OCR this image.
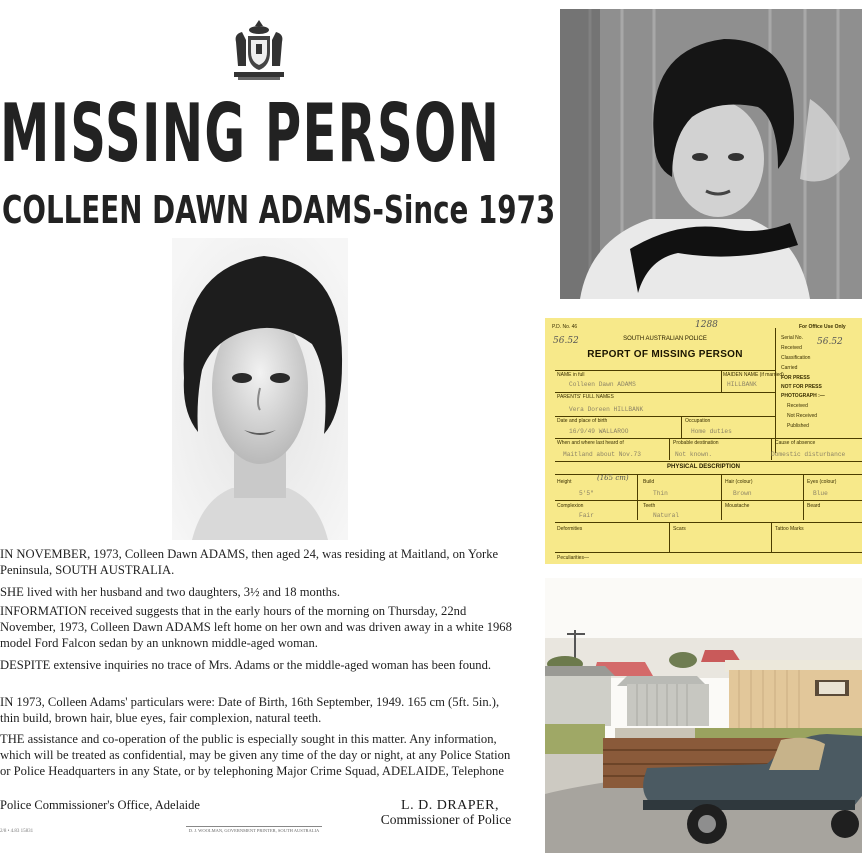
MISSING PERSON
COLLEEN DAWN ADAMS-Since 1973
IN NOVEMBER, 1973, Colleen Dawn ADAMS, then aged 24, was residing at Maitland, on Yorke Peninsula, SOUTH AUSTRALIA.
SHE lived with her husband and two daughters, 3½ and 18 months.
INFORMATION received suggests that in the early hours of the morning on Thursday, 22nd November, 1973, Colleen Dawn ADAMS left home on her own and was driven away in a white 1968 model Ford Falcon sedan by an unknown middle-aged woman.
DESPITE extensive inquiries no trace of Mrs. Adams or the middle-aged woman has been found.
IN 1973, Colleen Adams' particulars were: Date of Birth, 16th September, 1949. 165 cm (5ft. 5in.), thin build, brown hair, blue eyes, fair complexion, natural teeth.
THE assistance and co-operation of the public is especially sought in this matter. Any information, which will be treated as confidential, may be given any time of the day or night, at any Police Station or Police Headquarters in any State, or by telephoning Major Crime Squad, ADELAIDE, Telephone
Police Commissioner's Office, Adelaide	L. D. DRAPER,
Commissioner of Police
2/8 • 4.83 15831	D. J. WOOLMAN, GOVERNMENT PRINTER, SOUTH AUSTRALIA
P.D. No. 46	1288
56.52	SOUTH AUSTRALIAN POLICE
REPORT OF MISSING PERSON
For Office Use Only
Serial No.
Received
56.52
Classification
Carried
FOR PRESS
NOT FOR PRESS
PHOTOGRAPH :—
Received
Not Received
Published
NAME in full	MAIDEN NAME (if married)
Colleen Dawn ADAMS	HILLBANK
PARENTS' FULL NAMES
Vera Doreen HILLBANK
Date and place of birth	Occupation
16/9/49 WALLAROO	Home duties
When and where last heard of	Probable destination	Cause of absence
Maitland about Nov.73	Not known.	Domestic disturbance
PHYSICAL DESCRIPTION
Height	(165 cm)	Build	Hair (colour)	Eyes (colour)
5'5"	Thin	Brown	Blue
Complexion	Teeth	Moustache	Beard
Fair	Natural
Deformities	Scars	Tattoo Marks
Peculiarities—
